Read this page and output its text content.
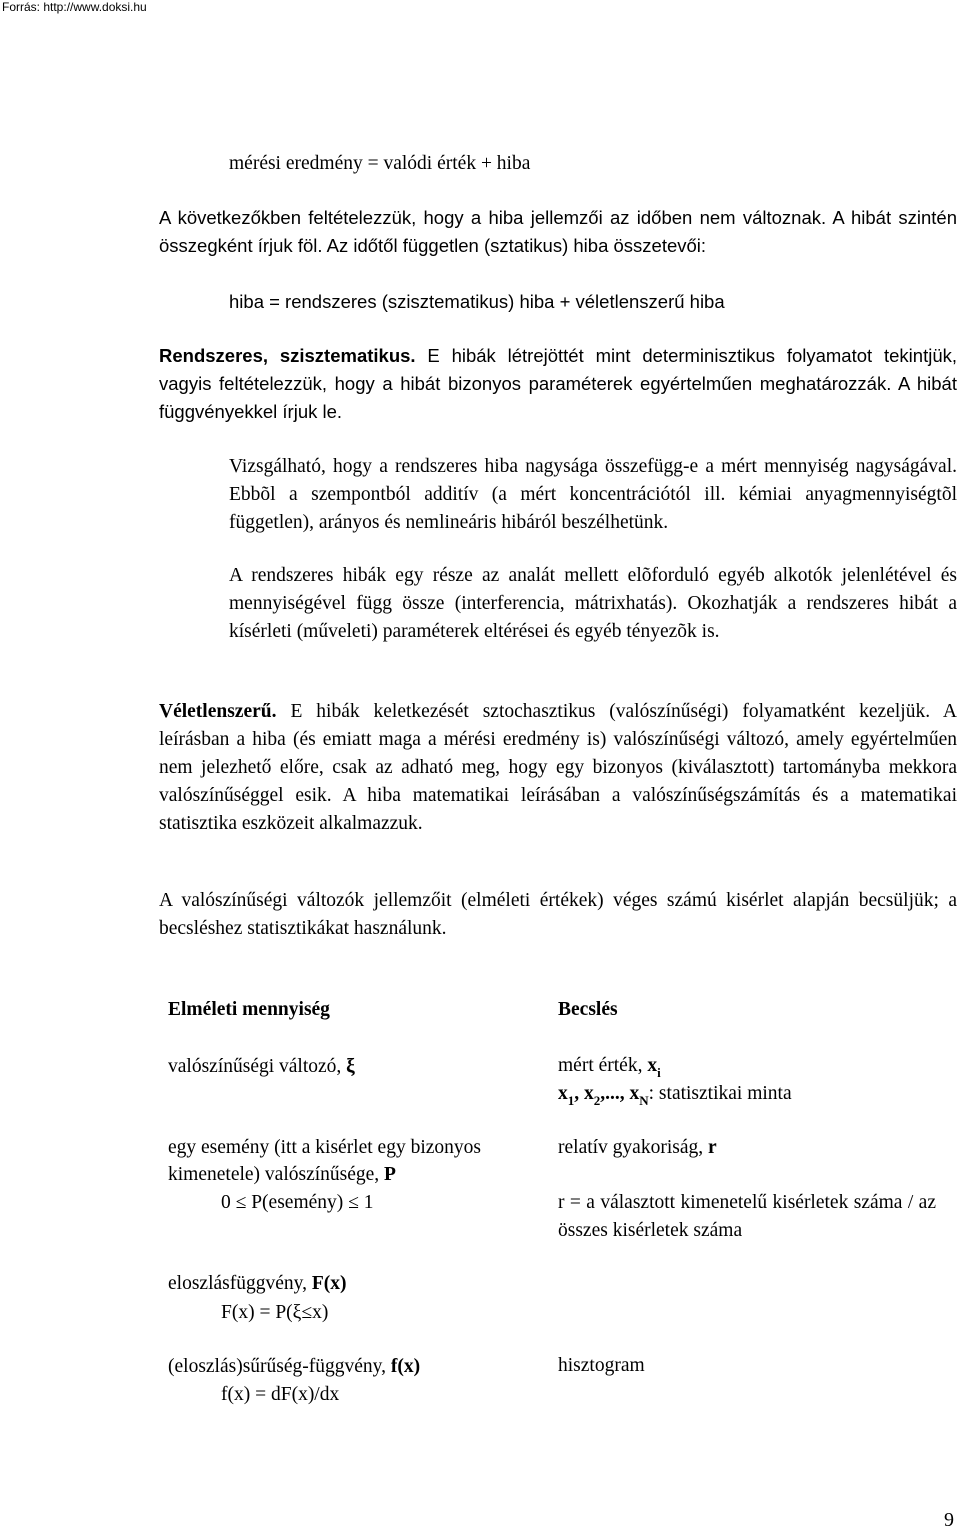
Forrás: http://www.doksi.hu
mérési eredmény = valódi érték + hiba
A következőkben feltételezzük, hogy a hiba jellemzői az időben nem változnak. A hibát szintén összegként írjuk föl. Az időtől független (sztatikus) hiba összetevői:
hiba = rendszeres (szisztematikus) hiba + véletlenszerű hiba
Rendszeres, szisztematikus. E hibák létrejöttét mint determinisztikus folyamatot tekintjük, vagyis feltételezzük, hogy a hibát bizonyos paraméterek egyértelműen meghatározzák. A hibát függvényekkel írjuk le.
Vizsgálható, hogy a rendszeres hiba nagysága összefügg-e a mért mennyiség nagyságával. Ebbõl a szempontból additív (a mért koncentrációtól ill. kémiai anyagmennyiségtõl független), arányos és nemlineáris hibáról beszélhetünk.
A rendszeres hibák egy része az analát mellett elõforduló egyéb alkotók jelenlétével és mennyiségével függ össze (interferencia, mátrixhatás). Okozhatják a rendszeres hibát a kísérleti (műveleti) paraméterek eltérései és egyéb tényezõk is.
Véletlenszerű. E hibák keletkezését sztochasztikus (valószínűségi) folyamatként kezeljük. A leírásban a hiba (és emiatt maga a mérési eredmény is) valószínűségi változó, amely egyértelműen nem jelezhető előre, csak az adható meg, hogy egy bizonyos (kiválasztott) tartományba mekkora valószínűséggel esik. A hiba matematikai leírásában a valószínűségszámítás és a matematikai statisztika eszközeit alkalmazzuk.
A valószínűségi változók jellemzőit (elméleti értékek) véges számú kisérlet alapján becsüljük; a becsléshez statisztikákat használunk.
Elméleti mennyiség	Becslés
valószínűségi változó, ξ	mért érték, $x_i$
$x_1$, $x_2$,..., $x_N$: statisztikai minta
egy esemény (itt a kisérlet egy bizonyos
kimenetele) valószínűsége, P
0 ≤ P(esemény) ≤ 1
relatív gyakoriság, r
r = a választott kimenetelű kisérletek száma / az összes kisérletek száma
eloszlásfüggvény, F(x)
F(x) = P(ξ≤x)
(eloszlás)sűrűség-függvény, f(x)
f(x) = dF(x)/dx
hisztogram
9
